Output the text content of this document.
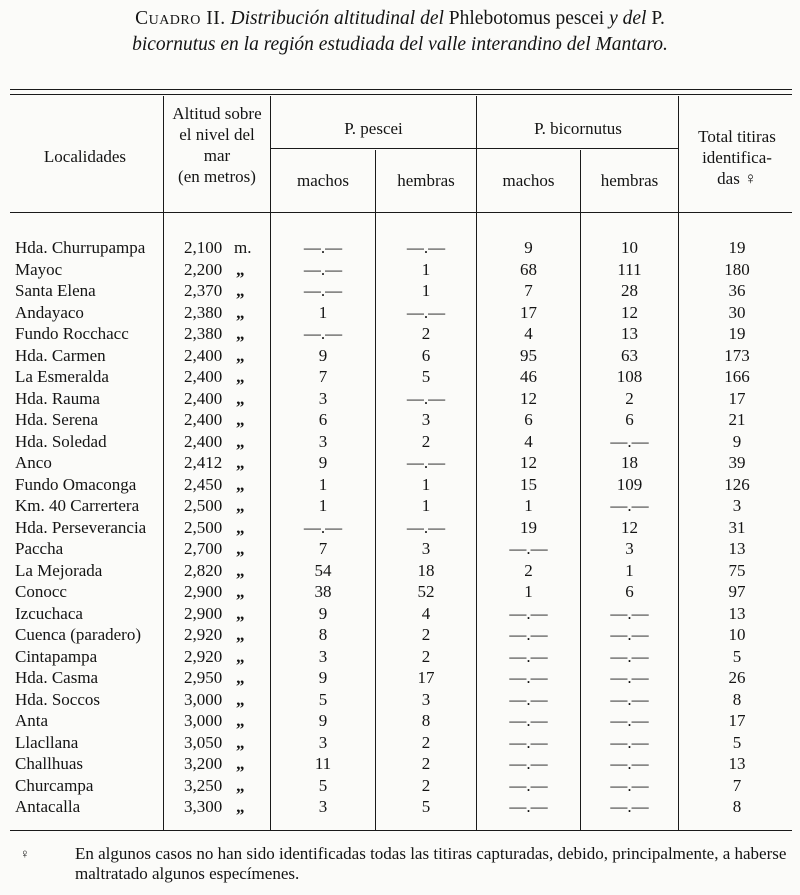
Cuadro II. Distribución altitudinal del Phlebotomus pescei y del P.
bicornutus en la región estudiada del valle interandino del Mantaro.
Localidades
Altitud sobre
el nivel del
mar
(en metros)
P. pescei	P. bicornutus
machos	hembras	machos	hembras
Total titiras
identifica-
das ♀
Hda. Churrupampa 2,100 m.	—.—	—.—	9	10	19
Mayoc	2,200 „	—.—	1	68	111	180
Santa Elena	2,370 „	—.—	1	7	28	36
Andayaco	2,380 „	1	—.—	17	12	30
Fundo Rocchacc	2,380 „	—.—	2	4	13	19
Hda. Carmen	2,400 „	9	6	95	63	173
La Esmeralda	2,400 „	7	5	46	108	166
Hda. Rauma	2,400 „	3	—.—	12	2	17
Hda. Serena	2,400 „	6	3	6	6	21
Hda. Soledad	2,400 „	3	2	4	—.—	9
Anco	2,412 „	9	—.—	12	18	39
Fundo Omaconga	2,450 „	1	1	15	109	126
Km. 40 Carrertera	2,500 „	1	1	1	—.—	3
Hda. Perseverancia 2,500 „	—.—	—.—	19	12	31
Paccha	2,700 „	7	3	—.—	3	13
La Mejorada	2,820 „	54	18	2	1	75
Conocc	2,900 „	38	52	1	6	97
Izcuchaca	2,900 „	9	4	—.—	—.—	13
Cuenca (paradero)	2,920 „	8	2	—.—	—.—	10
Cintapampa	2,920 „	3	2	—.—	—.—	5
Hda. Casma	2,950 „	9	17	—.—	—.—	26
Hda. Soccos	3,000 „	5	3	—.—	—.—	8
Anta	3,000 „	9	8	—.—	—.—	17
Llacllana	3,050 „	3	2	—.—	—.—	5
Challhuas	3,200 „	11	2	—.—	—.—	13
Churcampa	3,250 „	5	2	—.—	—.—	7
Antacalla	3,300 „	3	5	—.—	—.—	8
♀	En algunos casos no han sido identificadas todas las titiras capturadas, debido, principalmente, a haberse maltratado algunos especímenes.
